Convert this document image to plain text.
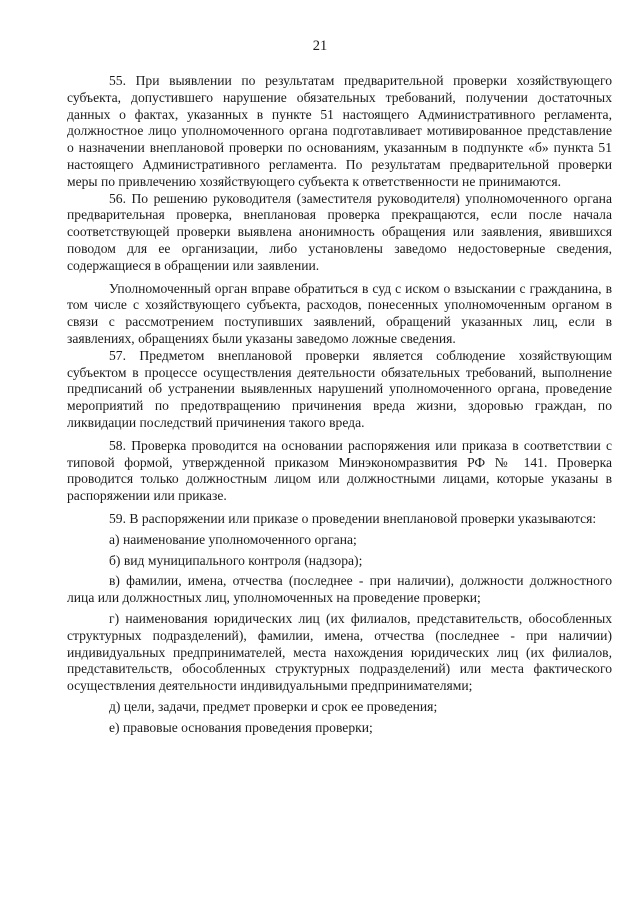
21

55. При выявлении по результатам предварительной проверки хозяйствующего субъекта, допустившего нарушение обязательных требований, получении достаточных данных о фактах, указанных в пункте 51 настоящего Административного регламента, должностное лицо уполномоченного органа подготавливает мотивированное представление о назначении внеплановой проверки по основаниям, указанным в подпункте «б» пункта 51 настоящего Административного регламента. По результатам предварительной проверки меры по привлечению хозяйствующего субъекта к ответственности не принимаются.

56. По решению руководителя (заместителя руководителя) уполномоченного органа предварительная проверка, внеплановая проверка прекращаются, если после начала соответствующей проверки выявлена анонимность обращения или заявления, явившихся поводом для ее организации, либо установлены заведомо недостоверные сведения, содержащиеся в обращении или заявлении.

Уполномоченный орган вправе обратиться в суд с иском о взыскании с гражданина, в том числе с хозяйствующего субъекта, расходов, понесенных уполномоченным органом в связи с рассмотрением поступивших заявлений, обращений указанных лиц, если в заявлениях, обращениях были указаны заведомо ложные сведения.

57. Предметом внеплановой проверки является соблюдение хозяйствующим субъектом в процессе осуществления деятельности обязательных требований, выполнение предписаний об устранении выявленных нарушений уполномоченного органа, проведение мероприятий по предотвращению причинения вреда жизни, здоровью граждан, по ликвидации последствий причинения такого вреда.

58. Проверка проводится на основании распоряжения или приказа в соответствии с типовой формой, утвержденной приказом Минэкономразвития РФ № 141. Проверка проводится только должностным лицом или должностными лицами, которые указаны в распоряжении или приказе.

59. В распоряжении или приказе о проведении внеплановой проверки указываются:

а) наименование уполномоченного органа;

б) вид муниципального контроля (надзора);

в) фамилии, имена, отчества (последнее - при наличии), должности должностного лица или должностных лиц, уполномоченных на проведение проверки;

г) наименования юридических лиц (их филиалов, представительств, обособленных структурных подразделений), фамилии, имена, отчества (последнее - при наличии) индивидуальных предпринимателей, места нахождения юридических лиц (их филиалов, представительств, обособленных структурных подразделений) или места фактического осуществления деятельности индивидуальными предпринимателями;

д) цели, задачи, предмет проверки и срок ее проведения;

е) правовые основания проведения проверки;
